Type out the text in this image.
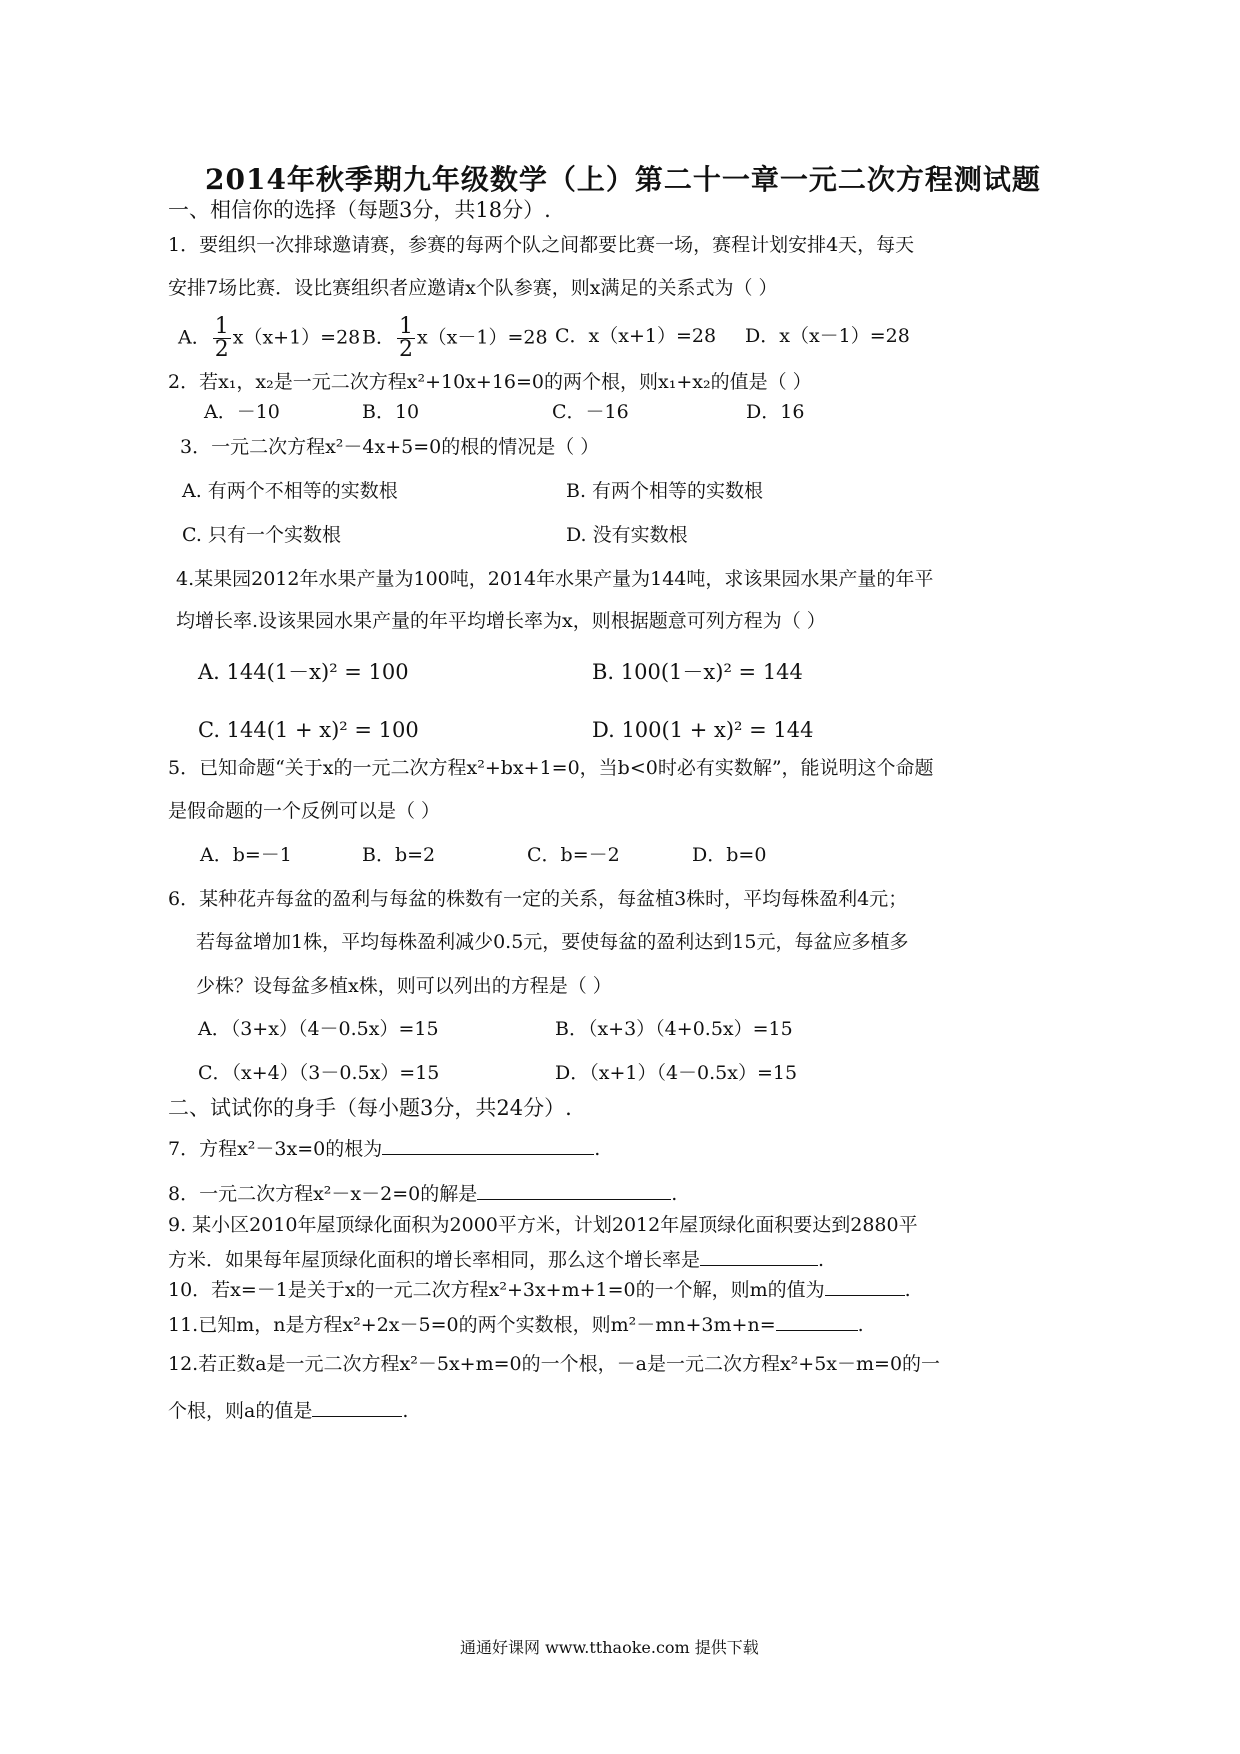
2014年秋季期九年级数学（上）第二十一章一元二次方程测试题
一、相信你的选择（每题3分，共18分）.
1．要组织一次排球邀请赛，参赛的每两个队之间都要比赛一场，赛程计划安排4天，每天
安排7场比赛．设比赛组织者应邀请x个队参赛，则x满足的关系式为（ ）
A． $\frac{1}{2} x(x+1)=28$ B． $\frac{1}{2} x(x-1)=28$ C．x（x+1）=28 D．x（x－1）=28
2．若x₁，x₂是一元二次方程x²+10x+16=0的两个根，则x₁+x₂的值是（ ）
A．－10	B．10	C．－16	D．16
3．一元二次方程x²－4x+5=0的根的情况是（ ）
A. 有两个不相等的实数根	B. 有两个相等的实数根
C. 只有一个实数根	D. 没有实数根
4.某果园2012年水果产量为100吨，2014年水果产量为144吨，求该果园水果产量的年平
均增长率.设该果园水果产量的年平均增长率为x，则根据题意可列方程为（ ）
A. 144(1－x)² = 100	B. 100(1－x)² = 144
C. 144(1 + x)² = 100	D. 100(1 + x)² = 144
5．已知命题“关于x的一元二次方程x²+bx+1=0，当b<0时必有实数解”，能说明这个命题
是假命题的一个反例可以是（ ）
A．b=－1	B．b=2	C．b=－2	D．b=0
6．某种花卉每盆的盈利与每盆的株数有一定的关系，每盆植3株时，平均每株盈利4元；
若每盆增加1株，平均每株盈利减少0.5元，要使每盆的盈利达到15元，每盆应多植多
少株？设每盆多植x株，则可以列出的方程是（ ）
A．（3+x）（4－0.5x）=15	B．（x+3）（4+0.5x）=15
C．（x+4）（3－0.5x）=15	D．（x+1）（4－0.5x）=15
二、试试你的身手（每小题3分，共24分）.
7．方程x²－3x=0的根为	.
8．一元二次方程x²－x－2=0的解是	.
9. 某小区2010年屋顶绿化面积为2000平方米，计划2012年屋顶绿化面积要达到2880平
方米．如果每年屋顶绿化面积的增长率相同，那么这个增长率是	.
10．若x=－1是关于x的一元二次方程x²+3x+m+1=0的一个解，则m的值为	.
11.已知m，n是方程x²+2x－5=0的两个实数根，则m²－mn+3m+n=	.
12.若正数a是一元二次方程x²－5x+m=0的一个根，－a是一元二次方程x²+5x－m=0的一
个根，则a的值是	.
通通好课网 www.tthaoke.com 提供下载
